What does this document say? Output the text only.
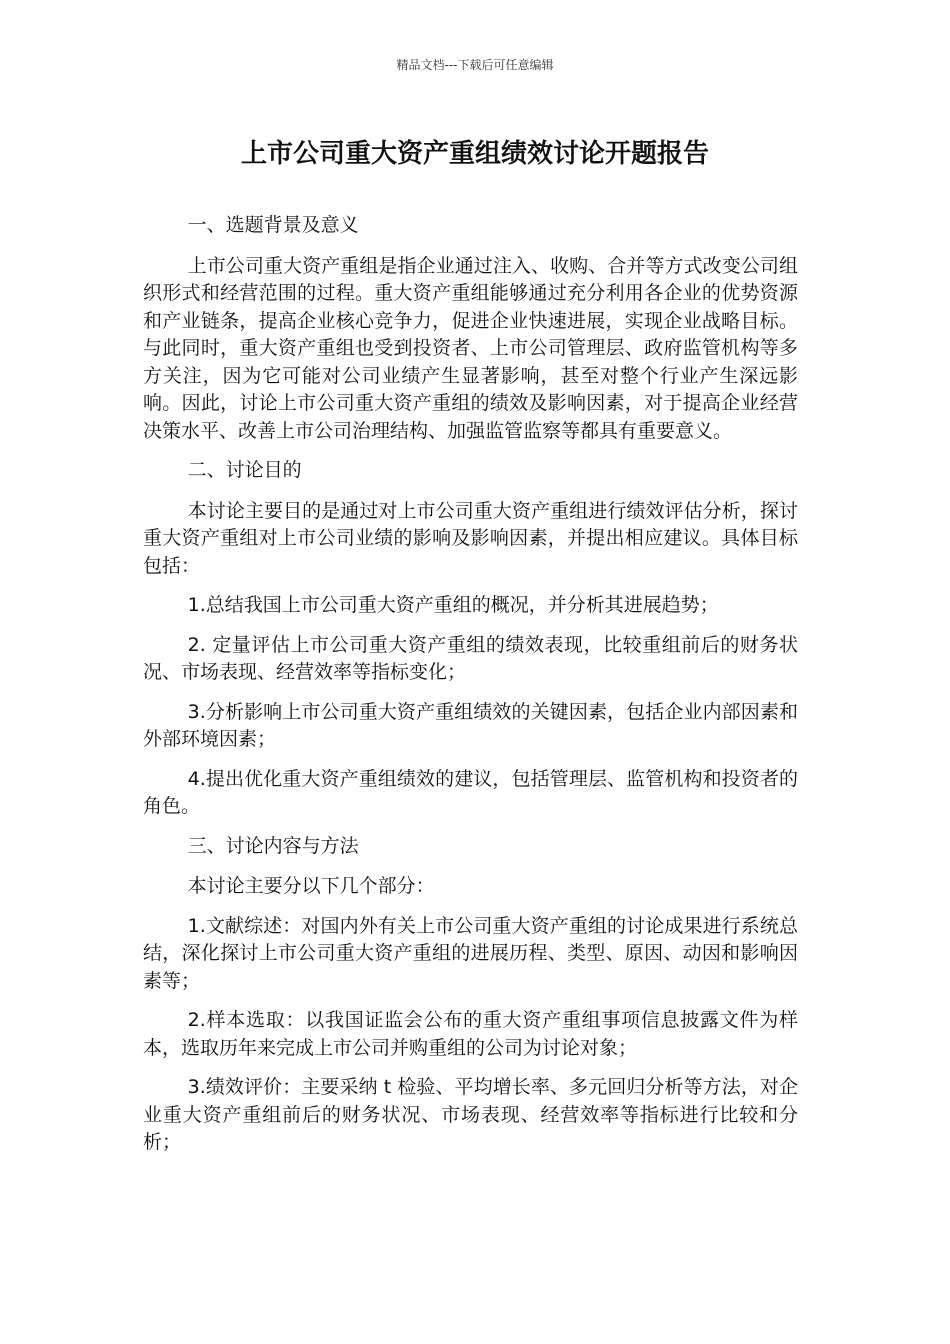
精品文档---下载后可任意编辑
上市公司重大资产重组绩效讨论开题报告

一、选题背景及意义

上市公司重大资产重组是指企业通过注入、收购、合并等方式改变公司组织形式和经营范围的过程。重大资产重组能够通过充分利用各企业的优势资源和产业链条，提高企业核心竞争力，促进企业快速进展，实现企业战略目标。与此同时，重大资产重组也受到投资者、上市公司管理层、政府监管机构等多方关注，因为它可能对公司业绩产生显著影响，甚至对整个行业产生深远影响。因此，讨论上市公司重大资产重组的绩效及影响因素，对于提高企业经营决策水平、改善上市公司治理结构、加强监管监察等都具有重要意义。

二、讨论目的

本讨论主要目的是通过对上市公司重大资产重组进行绩效评估分析，探讨重大资产重组对上市公司业绩的影响及影响因素，并提出相应建议。具体目标包括：

1.总结我国上市公司重大资产重组的概况，并分析其进展趋势；

2. 定量评估上市公司重大资产重组的绩效表现，比较重组前后的财务状况、市场表现、经营效率等指标变化；

3.分析影响上市公司重大资产重组绩效的关键因素，包括企业内部因素和外部环境因素；

4.提出优化重大资产重组绩效的建议，包括管理层、监管机构和投资者的角色。

三、讨论内容与方法

本讨论主要分以下几个部分：

1.文献综述：对国内外有关上市公司重大资产重组的讨论成果进行系统总结，深化探讨上市公司重大资产重组的进展历程、类型、原因、动因和影响因素等；

2.样本选取：以我国证监会公布的重大资产重组事项信息披露文件为样本，选取历年来完成上市公司并购重组的公司为讨论对象；

3.绩效评价：主要采纳 t 检验、平均增长率、多元回归分析等方法，对企业重大资产重组前后的财务状况、市场表现、经营效率等指标进行比较和分析；
